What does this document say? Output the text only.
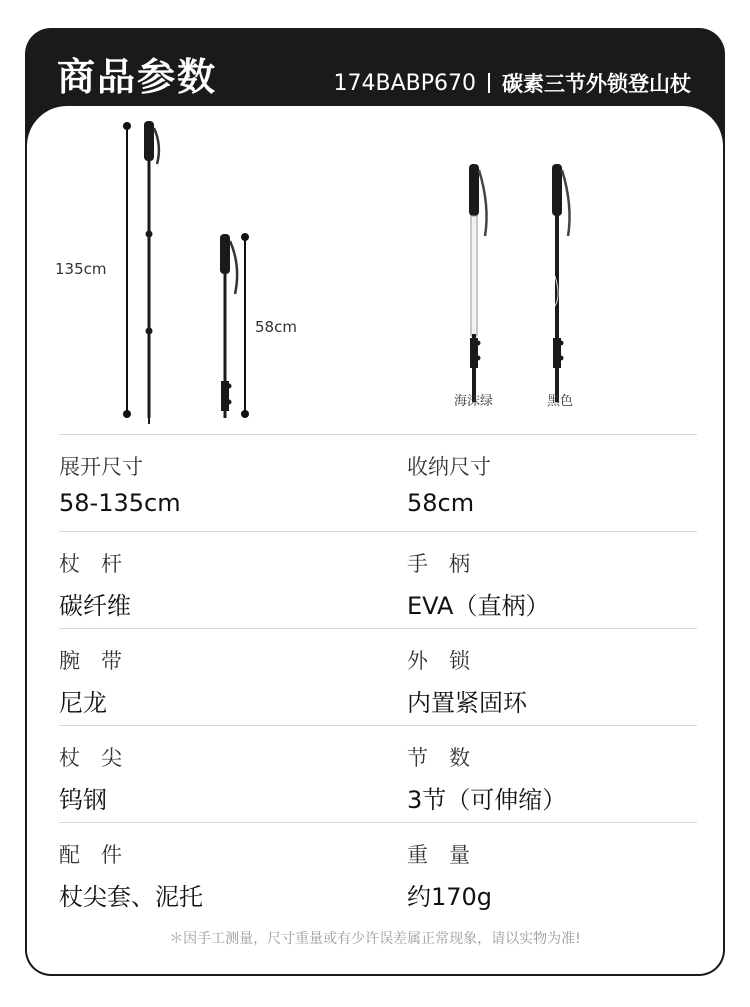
商品参数	174BABP670 碳素三节外锁登山杖
135cm
58cm
海沫绿	黑色
展开尺寸
58-135cm
收纳尺寸
58cm
杖　杆
碳纤维
手　柄
EVA（直柄）
腕　带
尼龙
外　锁
内置紧固环
杖　尖
钨钢
节　数
3节（可伸缩）
配　件
杖尖套、泥托
重　量
约170g
＊因手工测量，尺寸重量或有少许误差属正常现象，请以实物为准!
